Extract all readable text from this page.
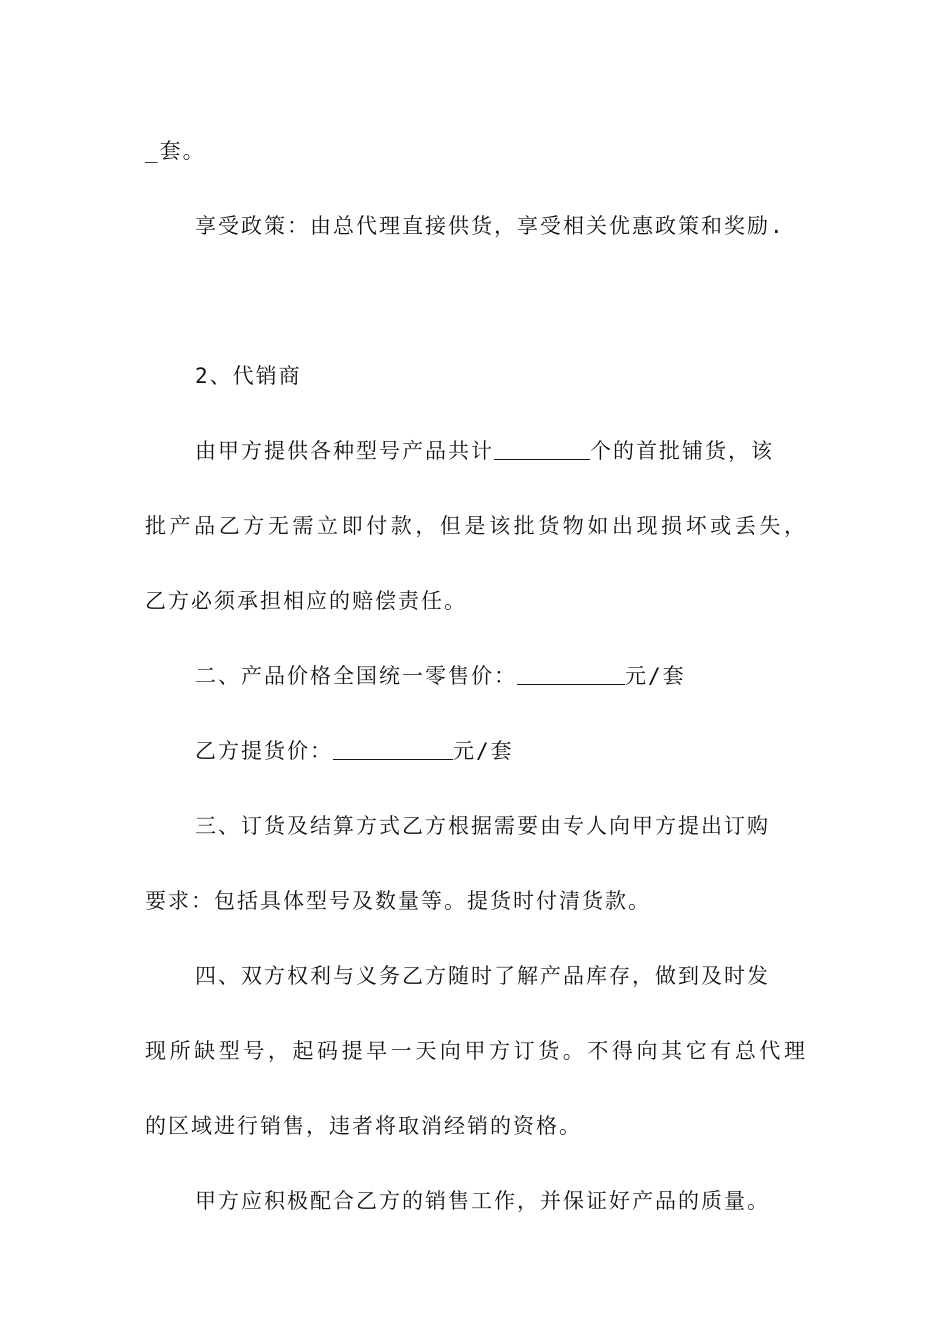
_套。
享受政策：由总代理直接供货，享受相关优惠政策和奖励.
2、代销商
由甲方提供各种型号产品共计	个的首批铺货，该
批产品乙方无需立即付款，但是该批货物如出现损坏或丢失，
乙方必须承担相应的赔偿责任。
二、产品价格全国统一零售价：	元/套
乙方提货价：	元/套
三、订货及结算方式乙方根据需要由专人向甲方提出订购
要求：包括具体型号及数量等。提货时付清货款。
四、双方权利与义务乙方随时了解产品库存，做到及时发
现所缺型号，起码提早一天向甲方订货。不得向其它有总代理
的区域进行销售，违者将取消经销的资格。
甲方应积极配合乙方的销售工作，并保证好产品的质量。
